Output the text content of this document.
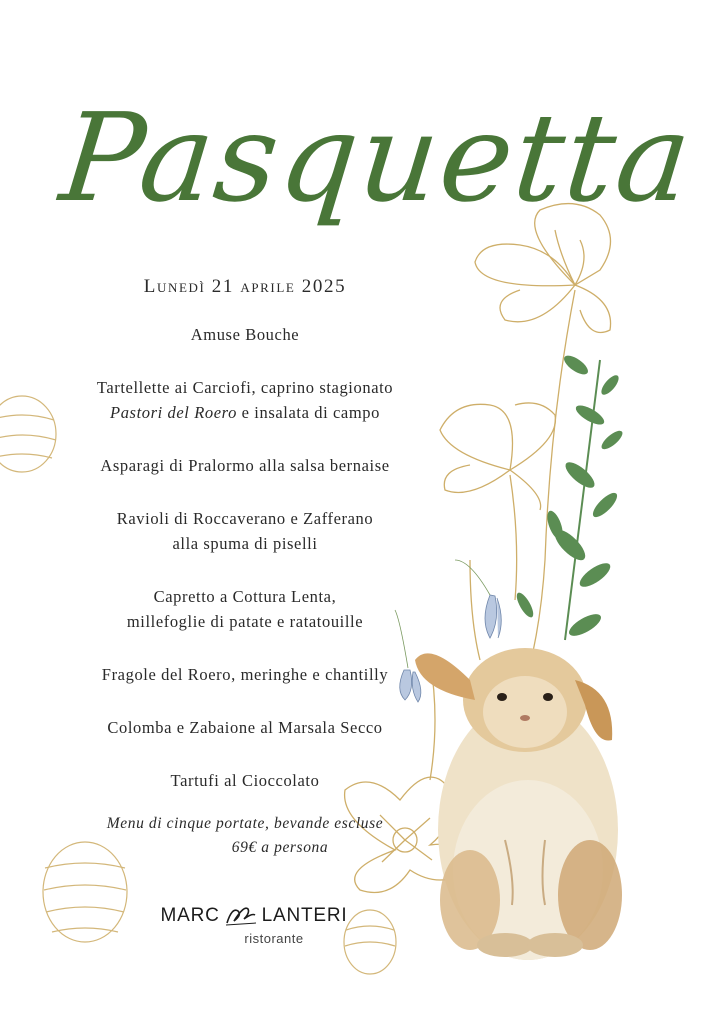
Pasquetta
Lunedì 21 aprile 2025
Amuse Bouche
Tartellette ai Carciofi, caprino stagionato
Pastori del Roero e insalata di campo
Asparagi di Pralormo alla salsa bernaise
Ravioli di Roccaverano e Zafferano
alla spuma di piselli
Capretto a Cottura Lenta,
millefoglie di patate e ratatouille
Fragole del Roero, meringhe e chantilly
Colomba e Zabaione al Marsala Secco
Tartufi al Cioccolato
Menu di cinque portate, bevande escluse
69€ a persona
MARC LANTERI
ristorante
